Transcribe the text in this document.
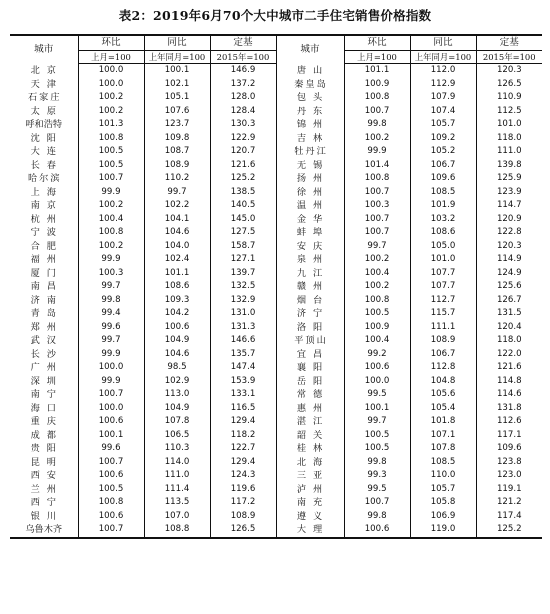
表2：2019年6月70个大中城市二手住宅销售价格指数
城市	环比	同比	定基	城市	环比	同比	定基
	上月=100	上年同月=100	2015年=100		上月=100	上年同月=100	2015年=100
北京	100.0	100.1	146.9	唐山	101.1	112.0	120.3
天津	100.0	102.1	137.2	秦皇岛	100.9	112.9	126.5
石家庄	100.2	105.1	128.0	包头	100.8	107.9	110.9
太原	100.2	107.6	128.4	丹东	100.7	107.4	112.5
呼和浩特	101.3	123.7	130.3	锦州	99.8	105.7	101.0
沈阳	100.8	109.8	122.9	吉林	100.2	109.2	118.0
大连	100.5	108.7	120.7	牡丹江	99.9	105.2	111.0
长春	100.5	108.9	121.6	无锡	101.4	106.7	139.8
哈尔滨	100.7	110.2	125.2	扬州	100.8	109.6	125.9
上海	99.9	99.7	138.5	徐州	100.7	108.5	123.9
南京	100.2	102.2	140.5	温州	100.3	101.9	114.7
杭州	100.4	104.1	145.0	金华	100.7	103.2	120.9
宁波	100.8	104.6	127.5	蚌埠	100.7	108.6	122.8
合肥	100.2	104.0	158.7	安庆	99.7	105.0	120.3
福州	99.9	102.4	127.1	泉州	100.2	101.0	114.9
厦门	100.3	101.1	139.7	九江	100.4	107.7	124.9
南昌	99.7	108.6	132.5	赣州	100.2	107.7	125.6
济南	99.8	109.3	132.9	烟台	100.8	112.7	126.7
青岛	99.4	104.2	131.0	济宁	100.5	115.7	131.5
郑州	99.6	100.6	131.3	洛阳	100.9	111.1	120.4
武汉	99.7	104.9	146.6	平顶山	100.4	108.9	118.0
长沙	99.9	104.6	135.7	宜昌	99.2	106.7	122.0
广州	100.0	98.5	147.4	襄阳	100.6	112.8	121.6
深圳	99.9	102.9	153.9	岳阳	100.0	104.8	114.8
南宁	100.7	113.0	133.1	常德	99.5	105.6	114.6
海口	100.0	104.9	116.5	惠州	100.1	105.4	131.8
重庆	100.6	107.8	129.4	湛江	99.7	101.8	112.6
成都	100.1	106.5	118.2	韶关	100.5	107.1	117.1
贵阳	99.6	110.3	122.7	桂林	100.5	107.8	109.6
昆明	100.7	114.0	129.4	北海	99.8	108.5	123.8
西安	100.6	111.0	124.3	三亚	99.3	110.0	123.0
兰州	100.5	111.4	119.6	泸州	99.5	105.7	119.1
西宁	100.8	113.5	117.2	南充	100.7	105.8	121.2
银川	100.6	107.0	108.9	遵义	99.8	106.9	117.4
乌鲁木齐	100.7	108.8	126.5	大理	100.6	119.0	125.2
